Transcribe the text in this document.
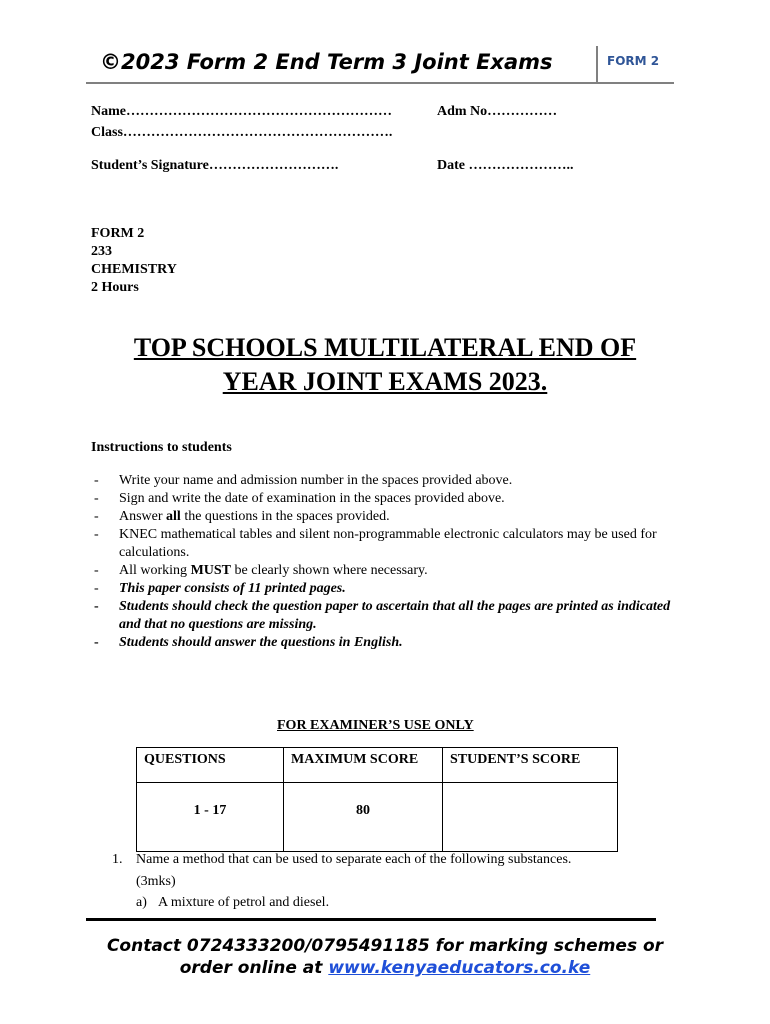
©2023 Form 2 End Term 3 Joint Exams	FORM 2
Name…………………………………………………	Adm No……………
Class………………………………………………….
Student’s Signature……………………….	Date …………………..
FORM 2
233
CHEMISTRY
2 Hours
TOP SCHOOLS MULTILATERAL END OF
YEAR JOINT EXAMS 2023.
Instructions to students
- Write your name and admission number in the spaces provided above.
- Sign and write the date of examination in the spaces provided above.
- Answer all the questions in the spaces provided.
- KNEC mathematical tables and silent non-programmable electronic calculators may be used for calculations.
- All working MUST be clearly shown where necessary.
- This paper consists of 11 printed pages.
- Students should check the question paper to ascertain that all the pages are printed as indicated and that no questions are missing.
- Students should answer the questions in English.
FOR EXAMINER’S USE ONLY
QUESTIONS	MAXIMUM SCORE	STUDENT’S SCORE

1 - 17	80	

1. Name a method that can be used to separate each of the following substances.
(3mks)
a) A mixture of petrol and diesel.
Contact 0724333200/0795491185 for marking schemes or
order online at www.kenyaeducators.co.ke
